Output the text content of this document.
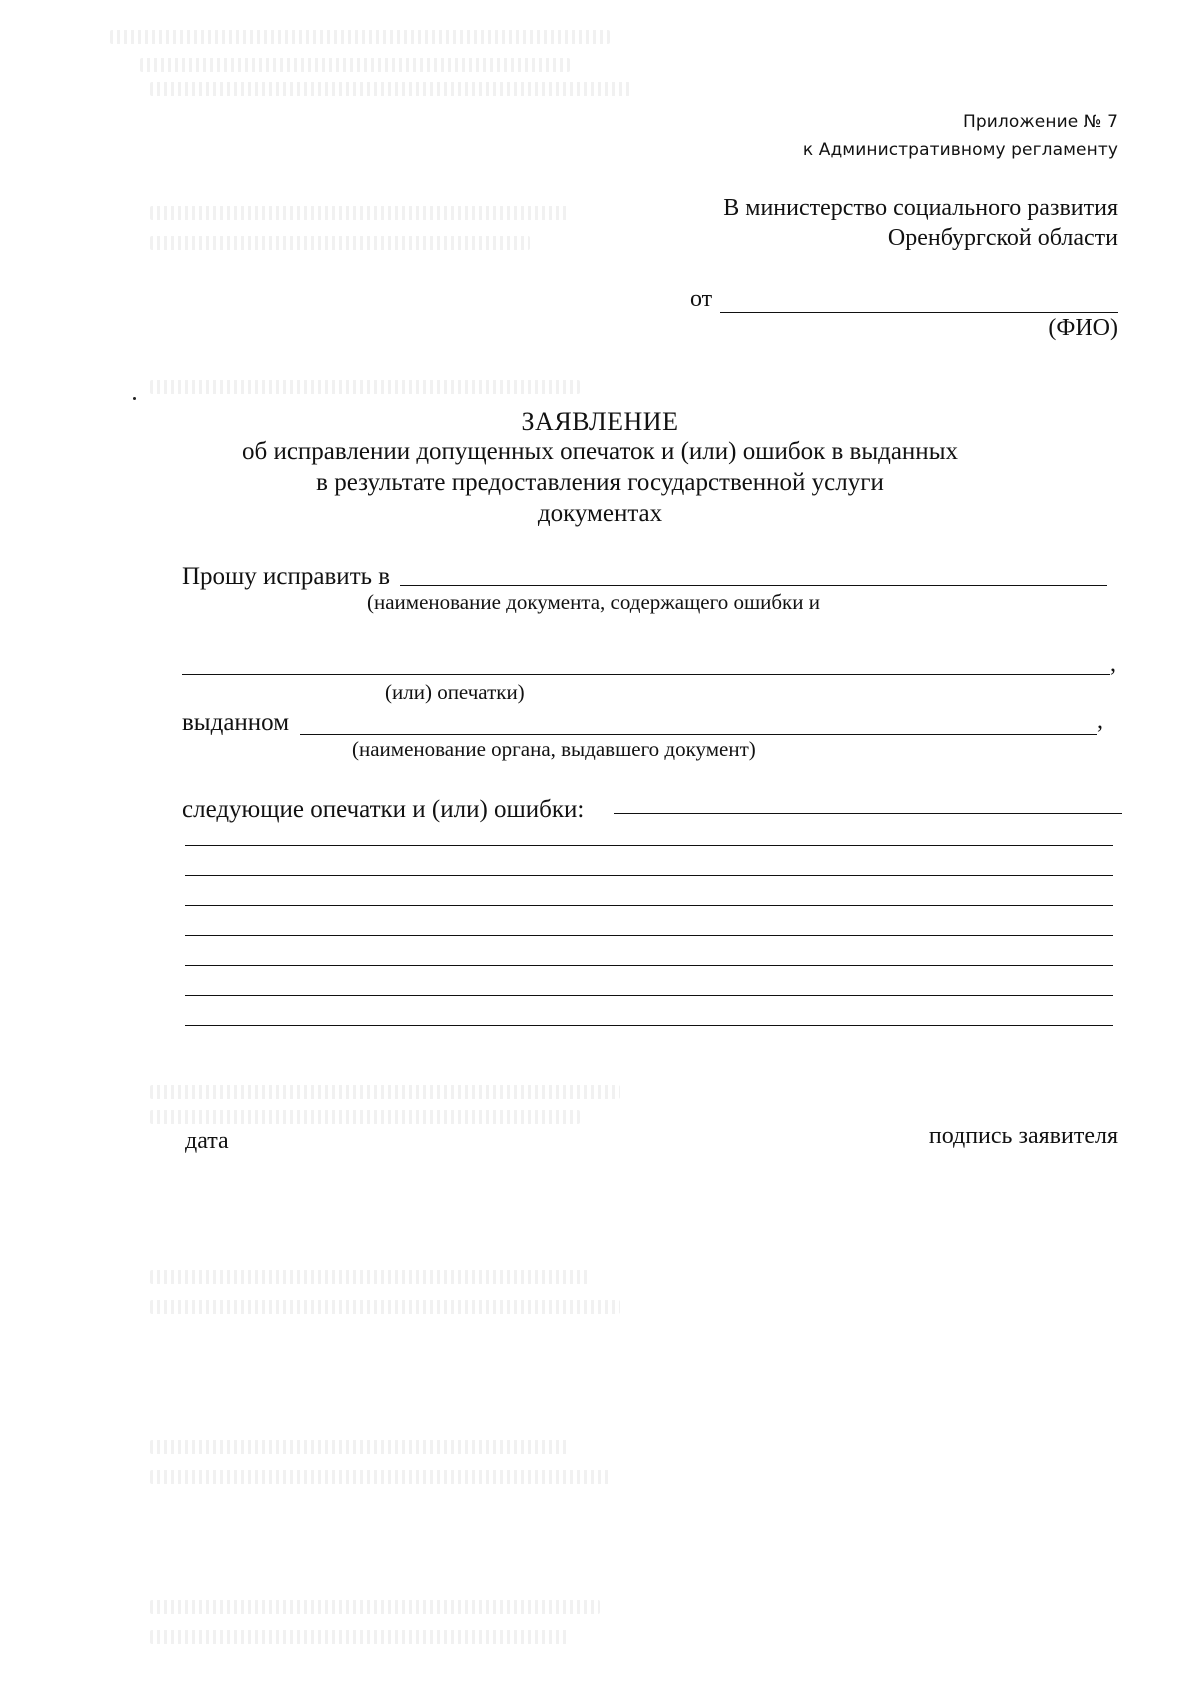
Приложение № 7
к Административному регламенту
В министерство социального развития
Оренбургской области
от
(ФИО)
ЗАЯВЛЕНИЕ
об исправлении допущенных опечаток и (или) ошибок в выданных
в результате предоставления государственной услуги
документах
Прошу исправить в
(наименование документа, содержащего ошибки и
,
(или) опечатки)
выданном	,
(наименование органа, выдавшего документ)
следующие опечатки и (или) ошибки:
дата	подпись заявителя
